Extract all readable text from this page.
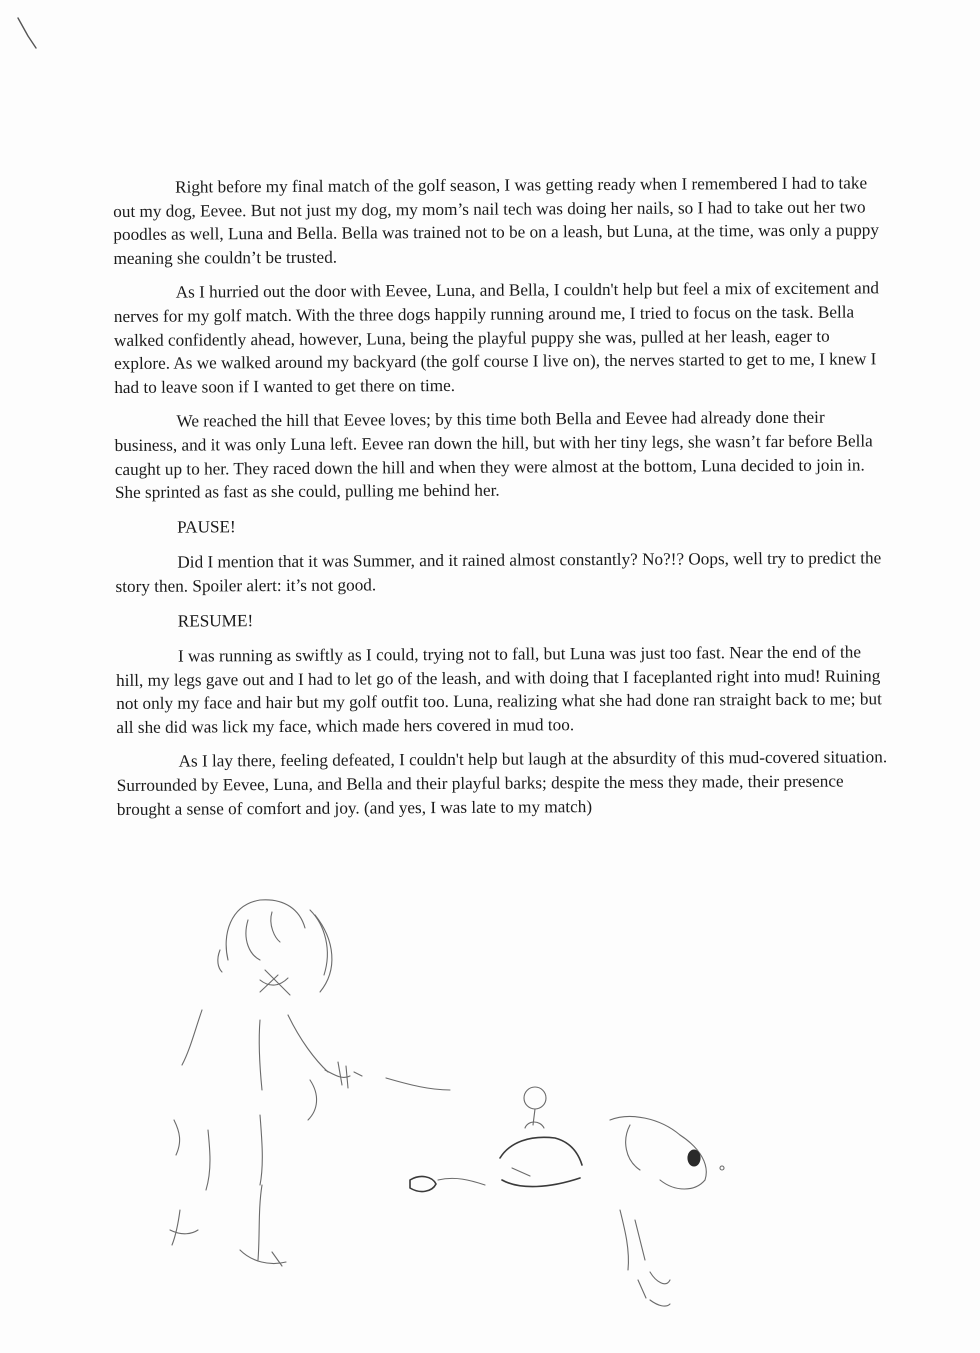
Right before my final match of the golf season, I was getting ready when I remembered I had to take out my dog, Eevee. But not just my dog, my mom’s nail tech was doing her nails, so I had to take out her two poodles as well, Luna and Bella. Bella was trained not to be on a leash, but Luna, at the time, was only a puppy meaning she couldn’t be trusted.

As I hurried out the door with Eevee, Luna, and Bella, I couldn't help but feel a mix of excitement and nerves for my golf match. With the three dogs happily running around me, I tried to focus on the task. Bella walked confidently ahead, however, Luna, being the playful puppy she was, pulled at her leash, eager to explore. As we walked around my backyard (the golf course I live on), the nerves started to get to me, I knew I had to leave soon if I wanted to get there on time.

We reached the hill that Eevee loves; by this time both Bella and Eevee had already done their business, and it was only Luna left. Eevee ran down the hill, but with her tiny legs, she wasn’t far before Bella caught up to her. They raced down the hill and when they were almost at the bottom, Luna decided to join in. She sprinted as fast as she could, pulling me behind her.

PAUSE!

Did I mention that it was Summer, and it rained almost constantly? No?!? Oops, well try to predict the story then. Spoiler alert: it’s not good.

RESUME!

I was running as swiftly as I could, trying not to fall, but Luna was just too fast. Near the end of the hill, my legs gave out and I had to let go of the leash, and with doing that I faceplanted right into mud! Ruining not only my face and hair but my golf outfit too. Luna, realizing what she had done ran straight back to me; but all she did was lick my face, which made hers covered in mud too.

As I lay there, feeling defeated, I couldn't help but laugh at the absurdity of this mud-covered situation. Surrounded by Eevee, Luna, and Bella and their playful barks; despite the mess they made, their presence brought a sense of comfort and joy. (and yes, I was late to my match)
